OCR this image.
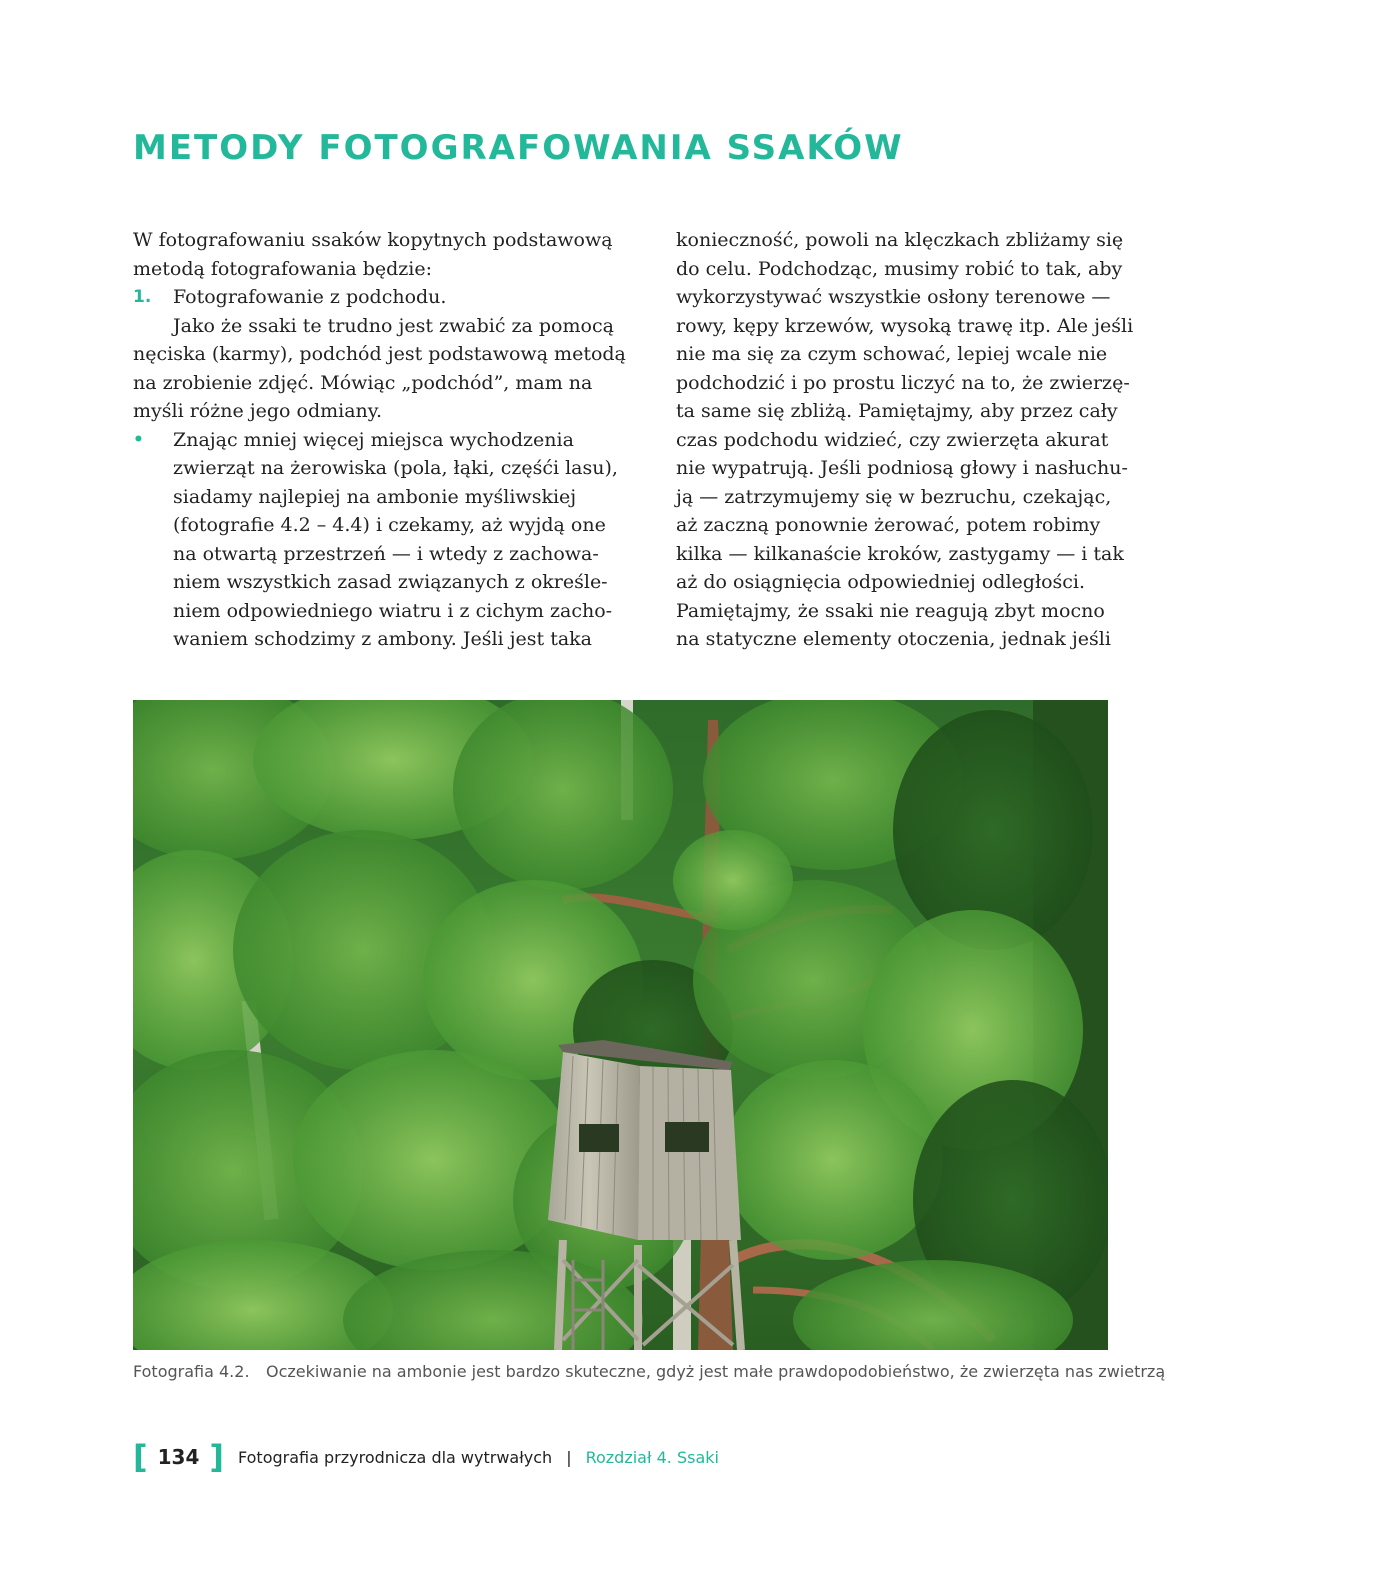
METODY FOTOGRAFOWANIA SSAKÓW
W fotografowaniu ssaków kopytnych podstawową
metodą fotografowania będzie:
1. Fotografowanie z podchodu.
Jako że ssaki te trudno jest zwabić za pomocą
nęciska (karmy), podchód jest podstawową metodą
na zrobienie zdjęć. Mówiąc „podchód”, mam na
myśli różne jego odmiany.
• Znając mniej więcej miejsca wychodzenia
zwierząt na żerowiska (pola, łąki, częśći lasu),
siadamy najlepiej na ambonie myśliwskiej
(fotografie 4.2 – 4.4) i czekamy, aż wyjdą one
na otwartą przestrzeń — i wtedy z zachowa-
niem wszystkich zasad związanych z określe-
niem odpowiedniego wiatru i z cichym zacho-
waniem schodzimy z ambony. Jeśli jest taka
konieczność, powoli na klęczkach zbliżamy się
do celu. Podchodząc, musimy robić to tak, aby
wykorzystywać wszystkie osłony terenowe —
rowy, kępy krzewów, wysoką trawę itp. Ale jeśli
nie ma się za czym schować, lepiej wcale nie
podchodzić i po prostu liczyć na to, że zwierzę-
ta same się zbliżą. Pamiętajmy, aby przez cały
czas podchodu widzieć, czy zwierzęta akurat
nie wypatrują. Jeśli podniosą głowy i nasłuchu-
ją — zatrzymujemy się w bezruchu, czekając,
aż zaczną ponownie żerować, potem robimy
kilka — kilkanaście kroków, zastygamy — i tak
aż do osiągnięcia odpowiedniej odległości.
Pamiętajmy, że ssaki nie reagują zbyt mocno
na statyczne elementy otoczenia, jednak jeśli
Fotografia 4.2. Oczekiwanie na ambonie jest bardzo skuteczne, gdyż jest małe prawdopodobieństwo, że zwierzęta nas zwietrzą
[ 134 ] Fotografia przyrodnicza dla wytrwałych | Rozdział 4. Ssaki
